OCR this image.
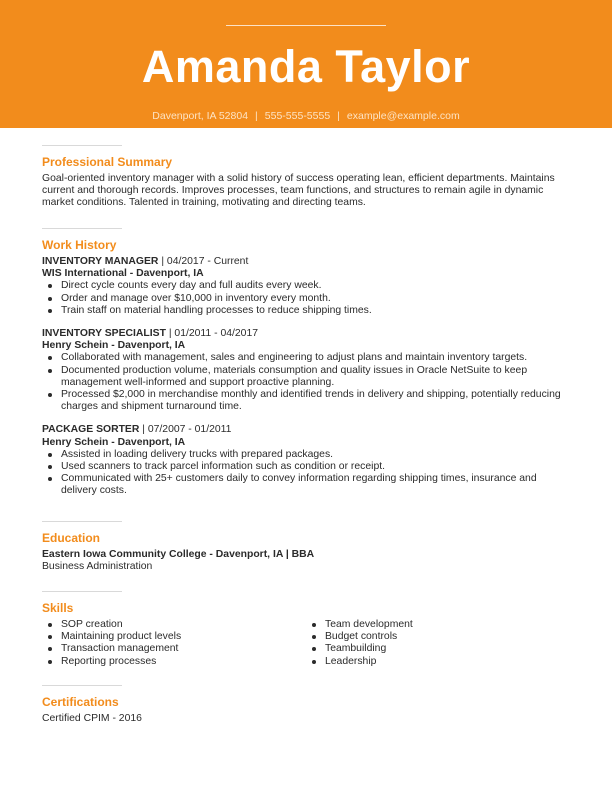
Amanda Taylor
Davenport, IA 52804 | 555-555-5555 | example@example.com
Professional Summary
Goal-oriented inventory manager with a solid history of success operating lean, efficient departments. Maintains current and thorough records. Improves processes, team functions, and structures to remain agile in dynamic market conditions. Talented in training, motivating and directing teams.
Work History
INVENTORY MANAGER | 04/2017 - Current
WIS International - Davenport, IA
Direct cycle counts every day and full audits every week.
Order and manage over $10,000 in inventory every month.
Train staff on material handling processes to reduce shipping times.
INVENTORY SPECIALIST | 01/2011 - 04/2017
Henry Schein - Davenport, IA
Collaborated with management, sales and engineering to adjust plans and maintain inventory targets.
Documented production volume, materials consumption and quality issues in Oracle NetSuite to keep management well-informed and support proactive planning.
Processed $2,000 in merchandise monthly and identified trends in delivery and shipping, potentially reducing charges and shipment turnaround time.
PACKAGE SORTER | 07/2007 - 01/2011
Henry Schein - Davenport, IA
Assisted in loading delivery trucks with prepared packages.
Used scanners to track parcel information such as condition or receipt.
Communicated with 25+ customers daily to convey information regarding shipping times, insurance and delivery costs.
Education
Eastern Iowa Community College - Davenport, IA | BBA
Business Administration
Skills
SOP creation
Maintaining product levels
Transaction management
Reporting processes
Team development
Budget controls
Teambuilding
Leadership
Certifications
Certified CPIM - 2016
